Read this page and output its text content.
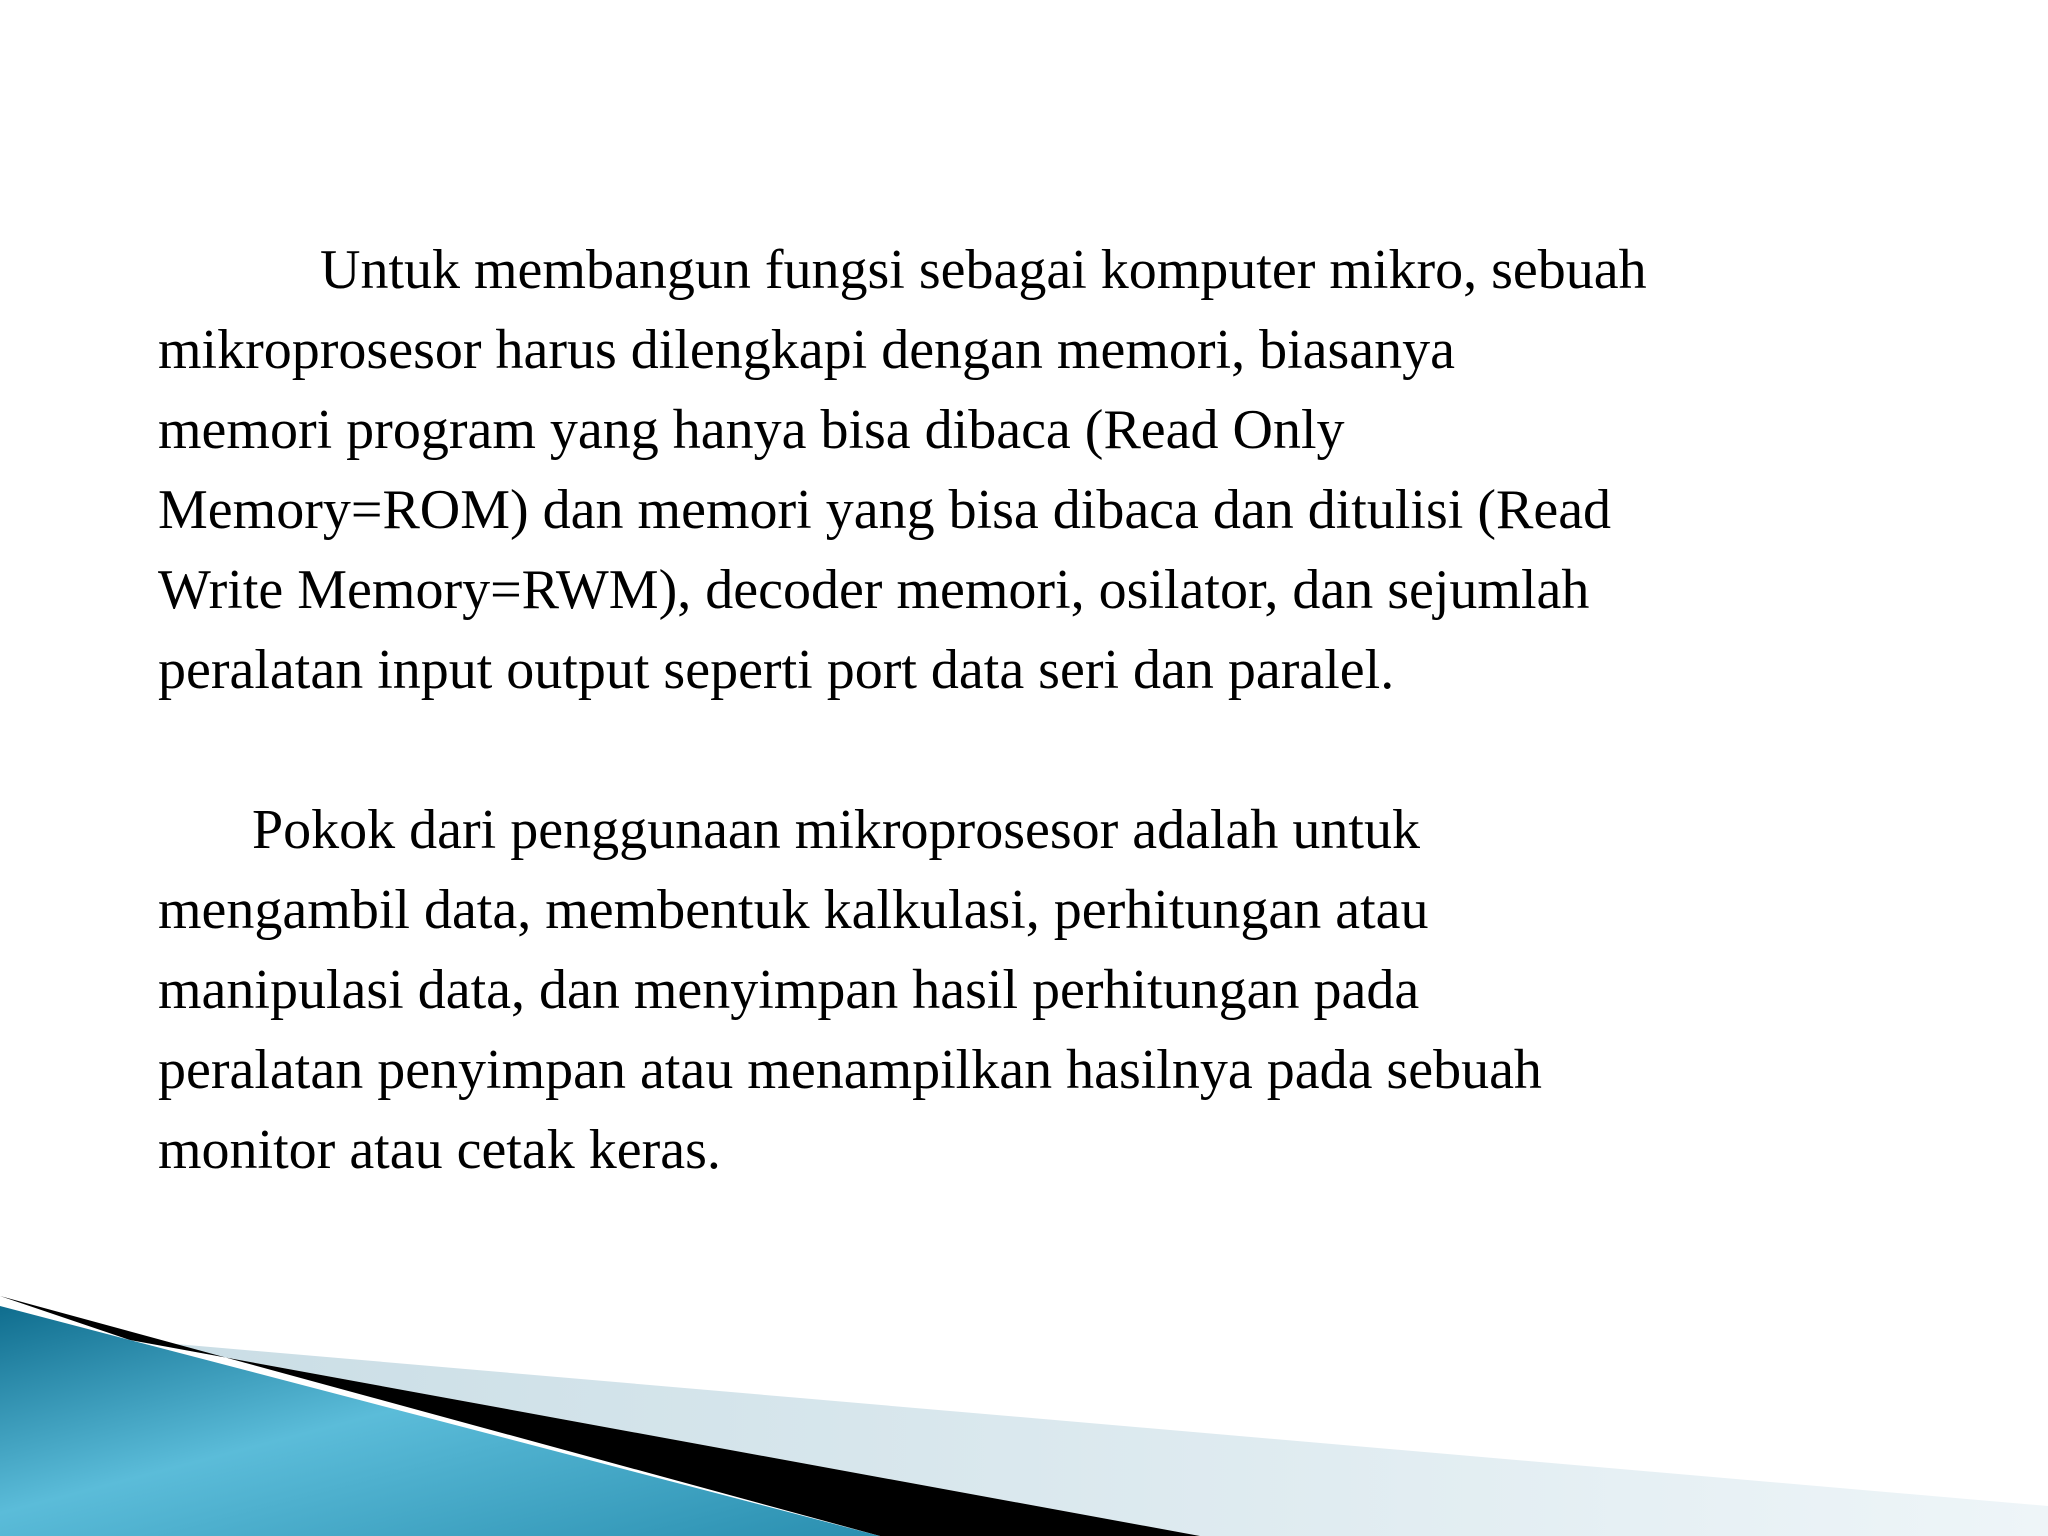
Untuk membangun fungsi sebagai komputer mikro, sebuah
mikroprosesor harus dilengkapi dengan memori, biasanya
memori program yang hanya bisa dibaca (Read Only
Memory=ROM) dan memori yang bisa dibaca dan ditulisi (Read
Write Memory=RWM), decoder memori, osilator, dan sejumlah
peralatan input output seperti port data seri dan paralel.
Pokok dari penggunaan mikroprosesor adalah untuk
mengambil data, membentuk kalkulasi, perhitungan atau
manipulasi data, dan menyimpan hasil perhitungan pada
peralatan penyimpan atau menampilkan hasilnya pada sebuah
monitor atau cetak keras.
